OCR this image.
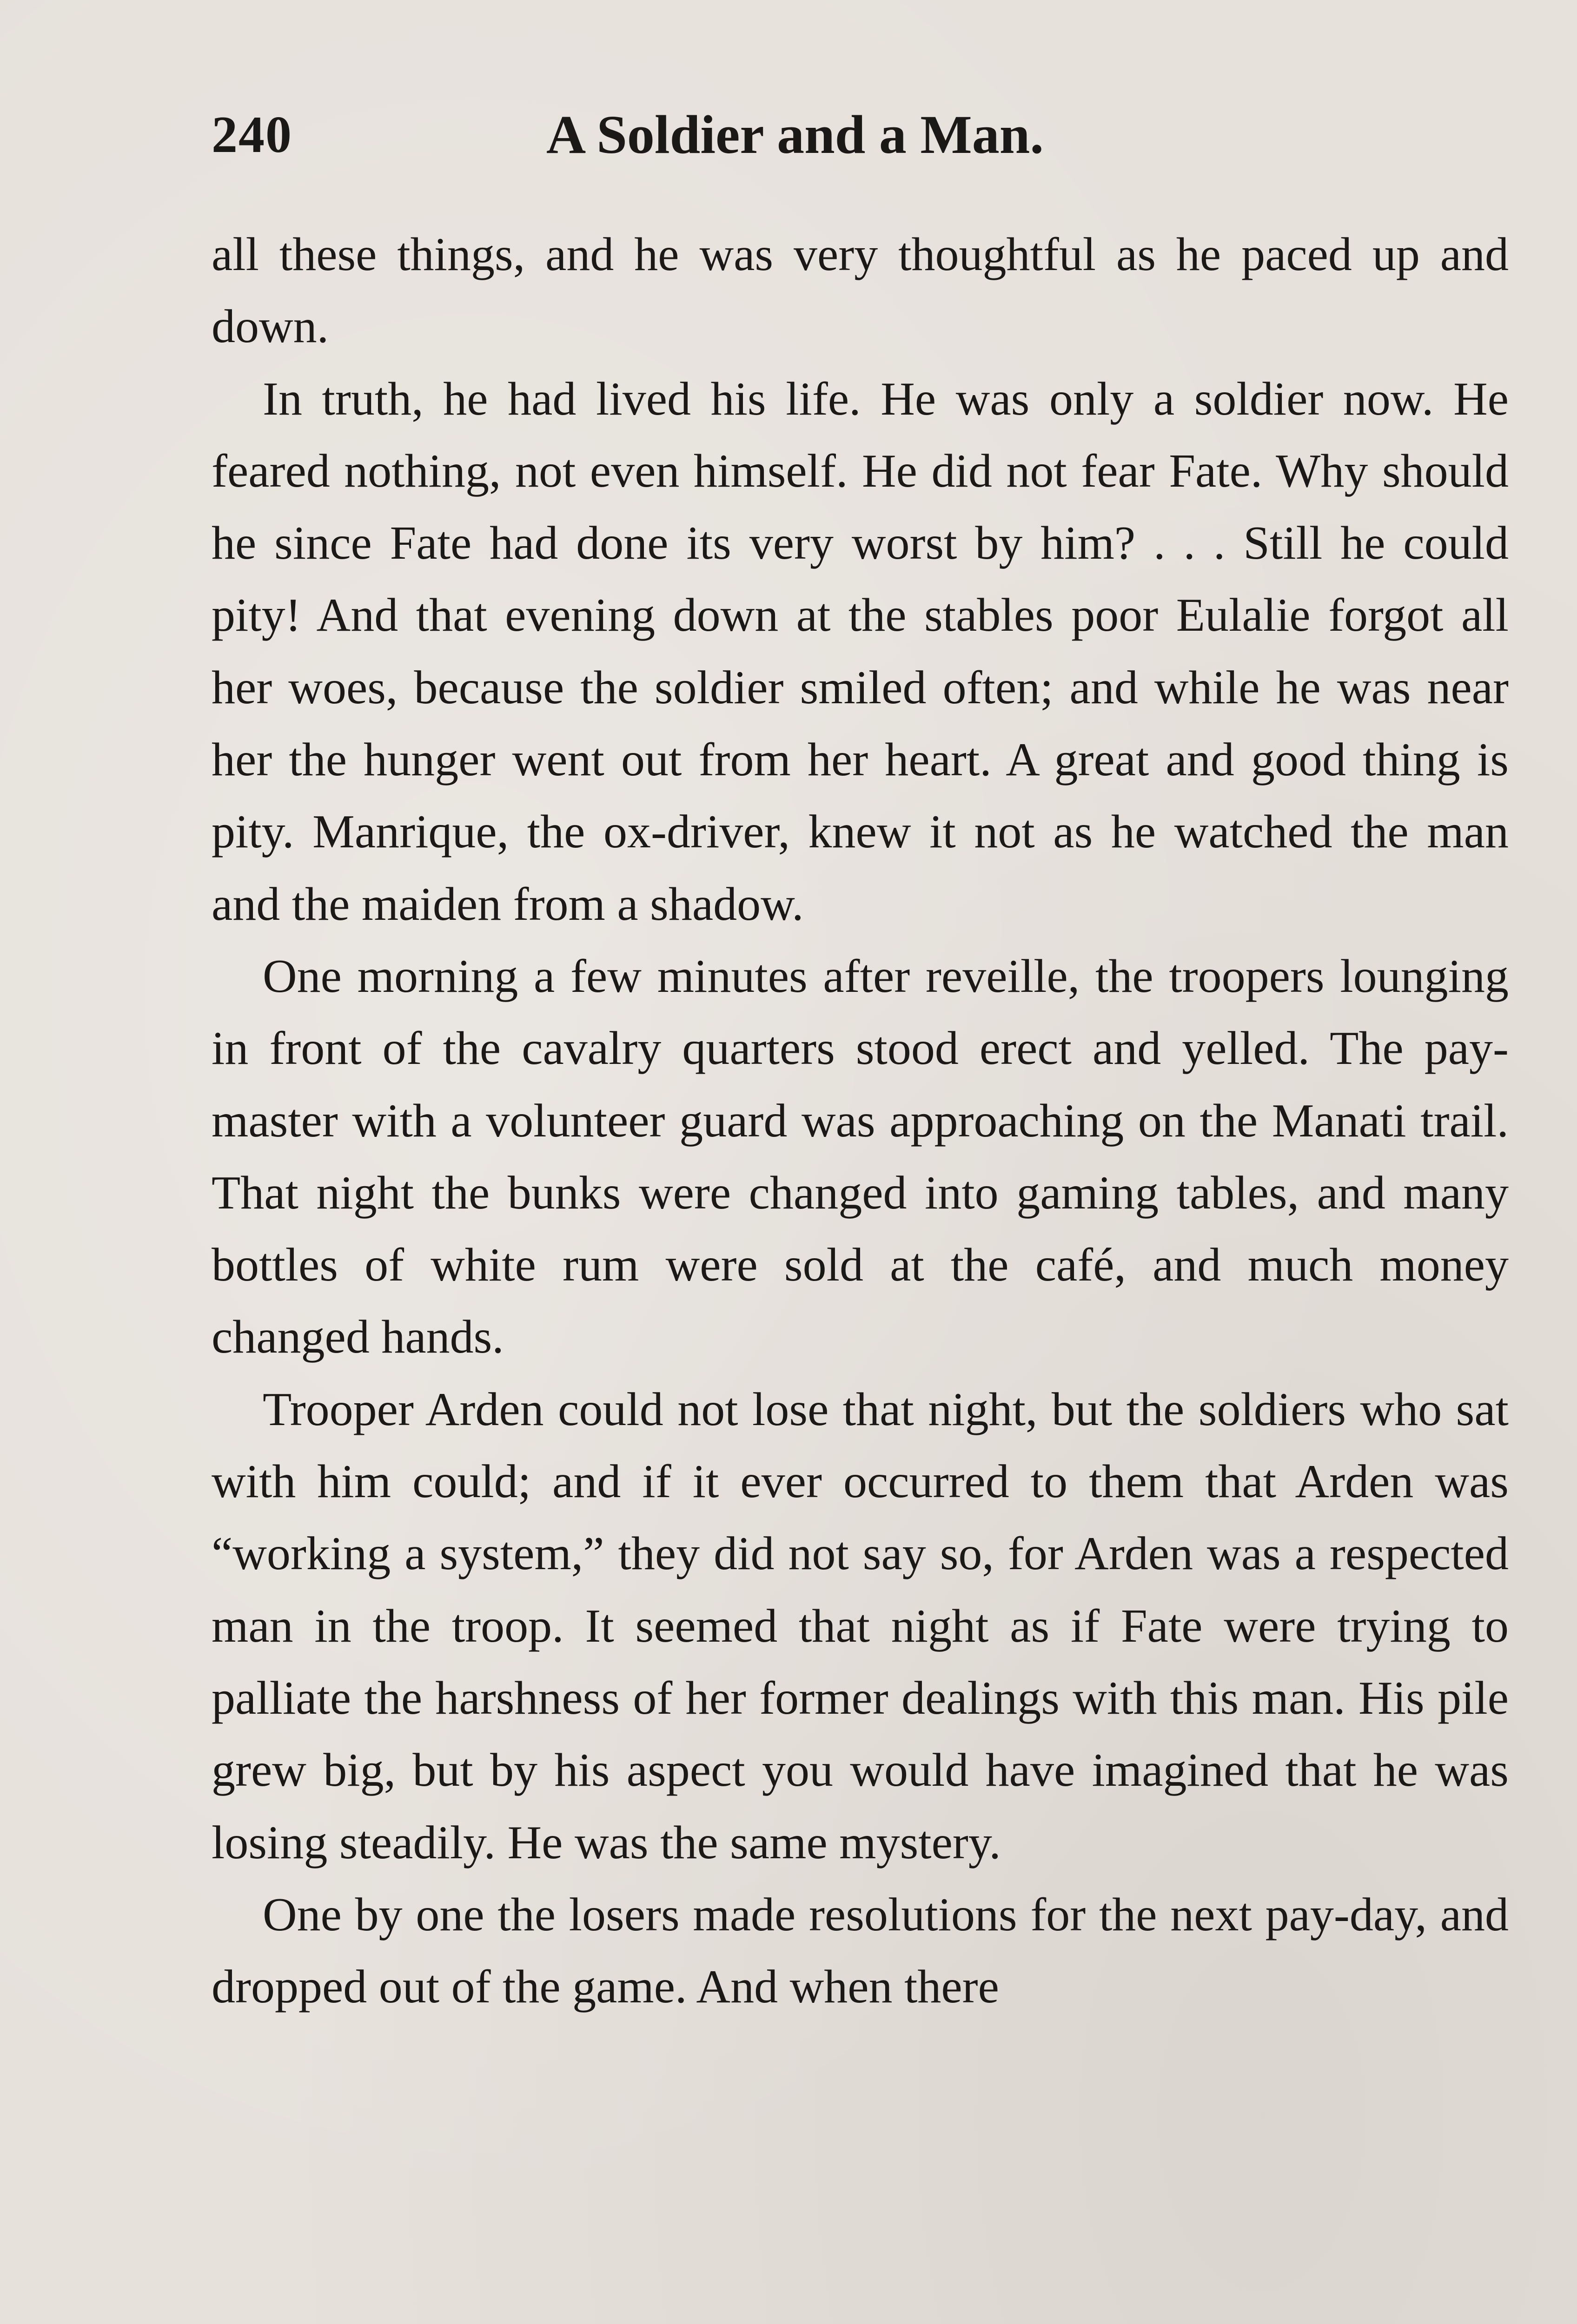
240	A Soldier and a Man.

all these things, and he was very thoughtful as he paced up and down.

In truth, he had lived his life. He was only a soldier now. He feared nothing, not even himself. He did not fear Fate. Why should he since Fate had done its very worst by him? . . . Still he could pity! And that evening down at the stables poor Eulalie forgot all her woes, because the soldier smiled often; and while he was near her the hunger went out from her heart. A great and good thing is pity. Manrique, the ox-driver, knew it not as he watched the man and the maiden from a shadow.

One morning a few minutes after reveille, the troopers lounging in front of the cavalry quarters stood erect and yelled. The pay-master with a volunteer guard was approaching on the Manati trail. That night the bunks were changed into gaming tables, and many bottles of white rum were sold at the café, and much money changed hands.

Trooper Arden could not lose that night, but the soldiers who sat with him could; and if it ever occurred to them that Arden was “working a system,” they did not say so, for Arden was a respected man in the troop. It seemed that night as if Fate were trying to palliate the harshness of her former dealings with this man. His pile grew big, but by his aspect you would have imagined that he was losing steadily. He was the same mystery.

One by one the losers made resolutions for the next pay-day, and dropped out of the game. And when there
